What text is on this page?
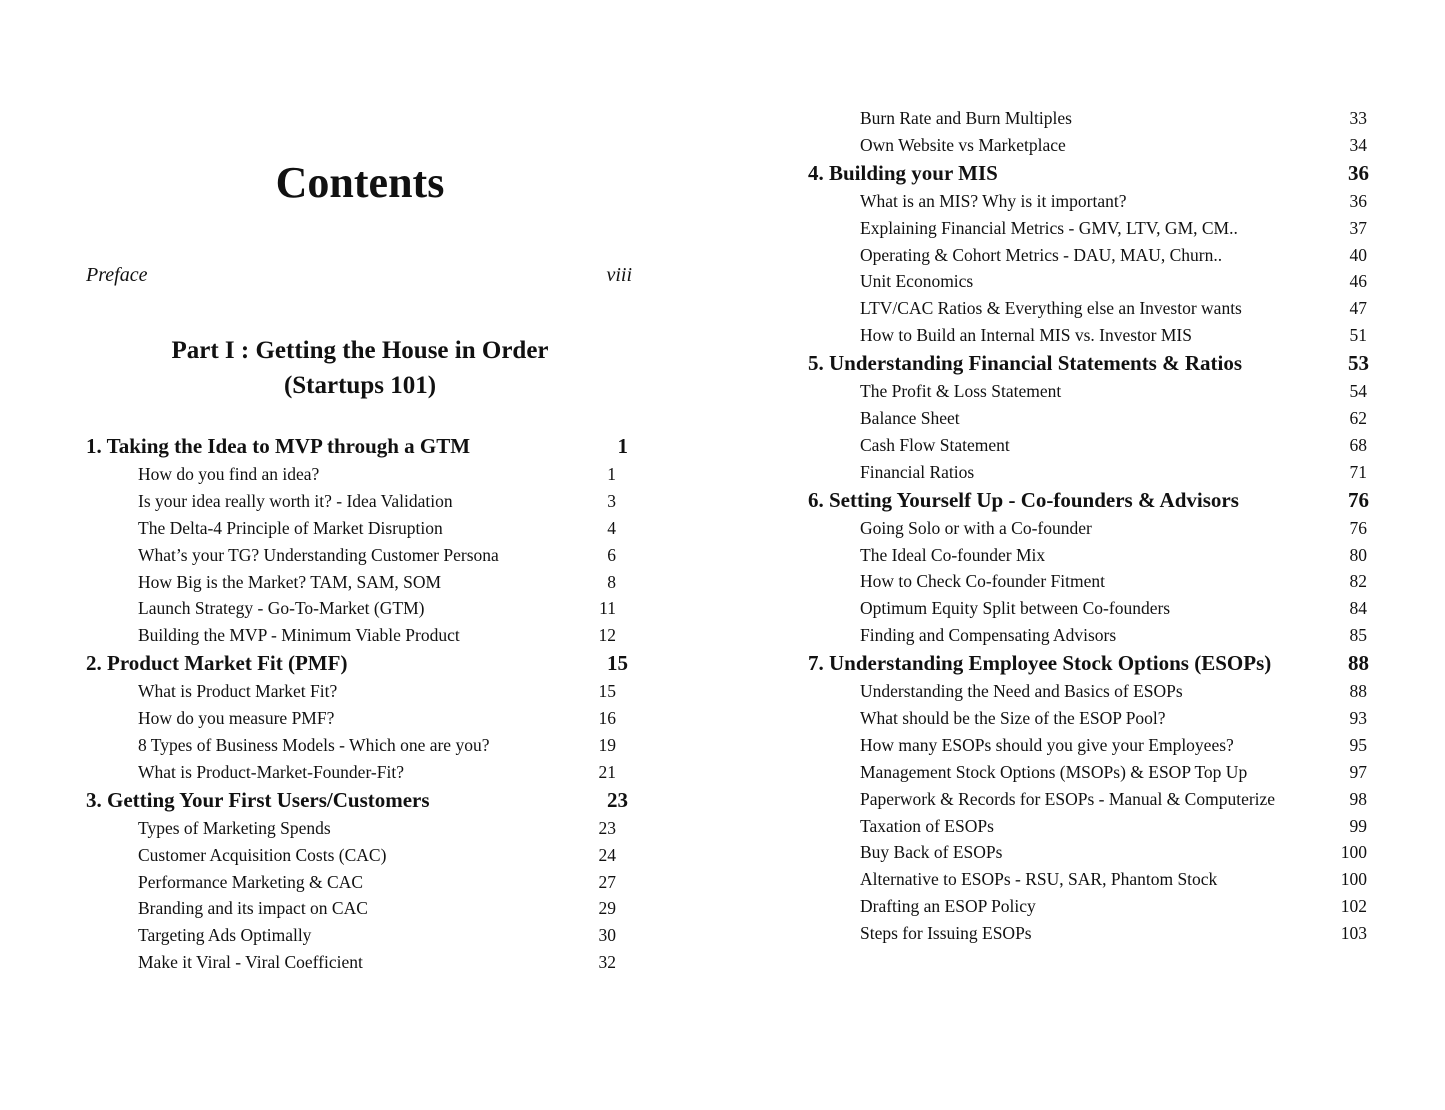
Contents
Preface	viii
Part I : Getting the House in Order
(Startups 101)
1. Taking the Idea to MVP through a GTM	1
How do you find an idea?	1
Is your idea really worth it? - Idea Validation	3
The Delta-4 Principle of Market Disruption	4
What’s your TG? Understanding Customer Persona	6
How Big is the Market? TAM, SAM, SOM	8
Launch Strategy - Go-To-Market (GTM)	11
Building the MVP - Minimum Viable Product	12
2. Product Market Fit (PMF)	15
What is Product Market Fit?	15
How do you measure PMF?	16
8 Types of Business Models - Which one are you?	19
What is Product-Market-Founder-Fit?	21
3. Getting Your First Users/Customers	23
Types of Marketing Spends	23
Customer Acquisition Costs (CAC)	24
Performance Marketing & CAC	27
Branding and its impact on CAC	29
Targeting Ads Optimally	30
Make it Viral - Viral Coefficient	32
Burn Rate and Burn Multiples	33
Own Website vs Marketplace	34
4. Building your MIS	36
What is an MIS? Why is it important?	36
Explaining Financial Metrics - GMV, LTV, GM, CM..	37
Operating & Cohort Metrics - DAU, MAU, Churn..	40
Unit Economics	46
LTV/CAC Ratios & Everything else an Investor wants	47
How to Build an Internal MIS vs. Investor MIS	51
5. Understanding Financial Statements & Ratios	53
The Profit & Loss Statement	54
Balance Sheet	62
Cash Flow Statement	68
Financial Ratios	71
6. Setting Yourself Up - Co-founders & Advisors	76
Going Solo or with a Co-founder	76
The Ideal Co-founder Mix	80
How to Check Co-founder Fitment	82
Optimum Equity Split between Co-founders	84
Finding and Compensating Advisors	85
7. Understanding Employee Stock Options (ESOPs)	88
Understanding the Need and Basics of ESOPs	88
What should be the Size of the ESOP Pool?	93
How many ESOPs should you give your Employees?	95
Management Stock Options (MSOPs) & ESOP Top Up	97
Paperwork & Records for ESOPs - Manual & Computerize	98
Taxation of ESOPs	99
Buy Back of ESOPs	100
Alternative to ESOPs - RSU, SAR, Phantom Stock	100
Drafting an ESOP Policy	102
Steps for Issuing ESOPs	103
